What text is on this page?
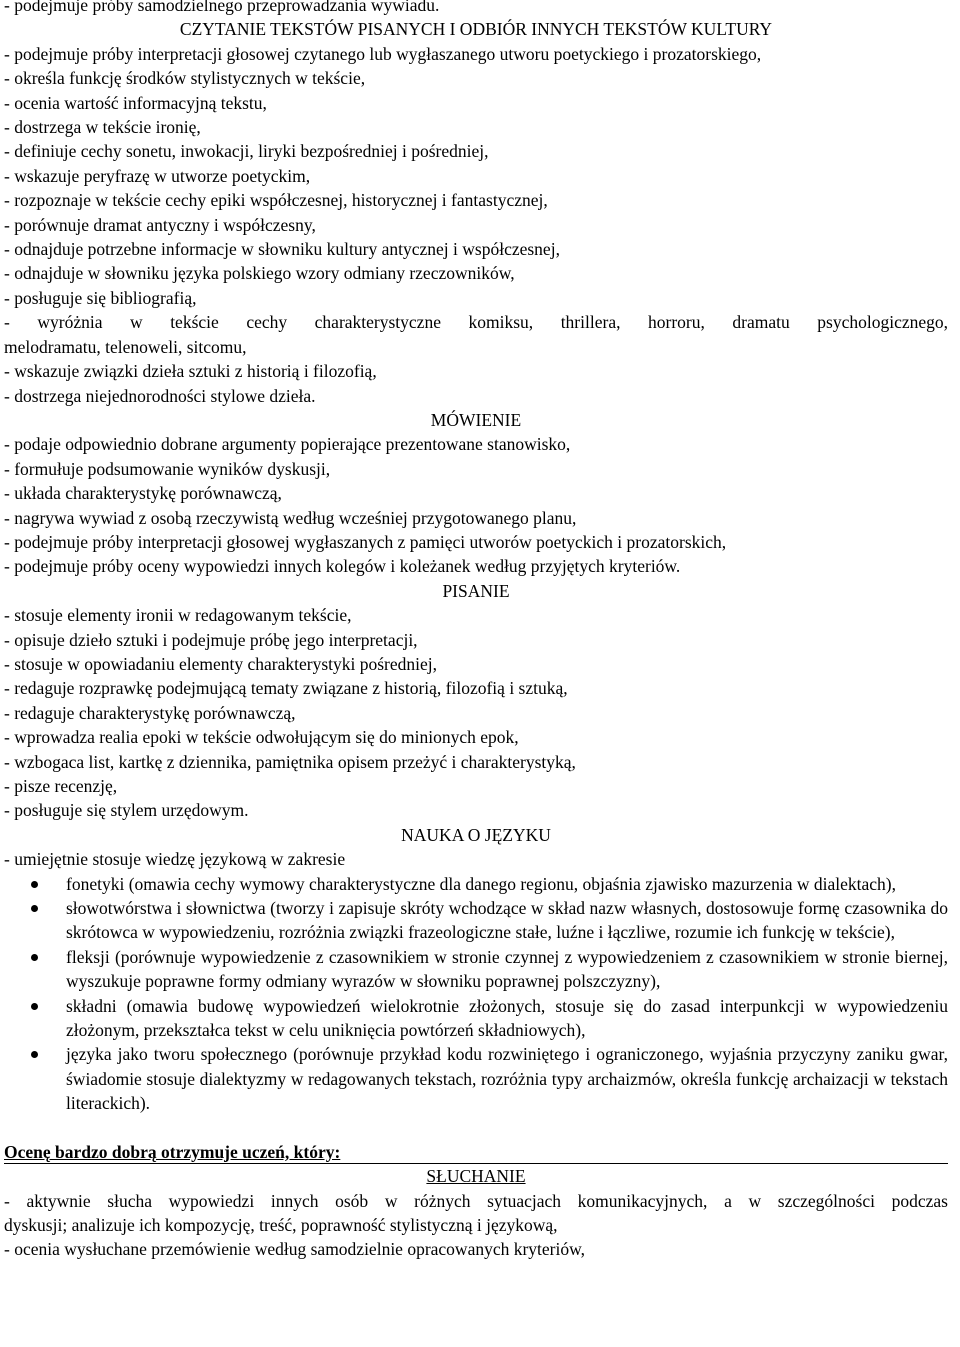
- podejmuje próby samodzielnego przeprowadzania wywiadu.
CZYTANIE TEKSTÓW PISANYCH I ODBIÓR INNYCH TEKSTÓW KULTURY
- podejmuje próby interpretacji głosowej czytanego lub wygłaszanego utworu poetyckiego i prozatorskiego,
- określa funkcję środków stylistycznych w tekście,
- ocenia wartość informacyjną tekstu,
- dostrzega w tekście ironię,
- definiuje cechy sonetu, inwokacji, liryki bezpośredniej i pośredniej,
- wskazuje peryfrazę w utworze poetyckim,
- rozpoznaje w tekście cechy epiki współczesnej, historycznej i fantastycznej,
- porównuje dramat antyczny i współczesny,
- odnajduje potrzebne informacje w słowniku kultury antycznej i współczesnej,
- odnajduje w słowniku języka polskiego wzory odmiany rzeczowników,
- posługuje się bibliografią,
- wyróżnia w tekście cechy charakterystyczne komiksu, thrillera, horroru, dramatu psychologicznego,
melodramatu, telenoweli, sitcomu,
- wskazuje związki dzieła sztuki z historią i filozofią,
- dostrzega niejednorodności stylowe dzieła.
MÓWIENIE
- podaje odpowiednio dobrane argumenty popierające prezentowane stanowisko,
- formułuje podsumowanie wyników dyskusji,
- układa charakterystykę porównawczą,
- nagrywa wywiad z osobą rzeczywistą według wcześniej przygotowanego planu,
- podejmuje próby interpretacji głosowej wygłaszanych z pamięci utworów poetyckich i prozatorskich,
- podejmuje próby oceny wypowiedzi innych kolegów i koleżanek według przyjętych kryteriów.
PISANIE
- stosuje elementy ironii w redagowanym tekście,
- opisuje dzieło sztuki i podejmuje próbę jego interpretacji,
- stosuje w opowiadaniu elementy charakterystyki pośredniej,
- redaguje rozprawkę podejmującą tematy związane z historią, filozofią i sztuką,
- redaguje charakterystykę porównawczą,
- wprowadza realia epoki w tekście odwołującym się do minionych epok,
- wzbogaca list, kartkę z dziennika, pamiętnika opisem przeżyć i charakterystyką,
- pisze recenzję,
- posługuje się stylem urzędowym.
NAUKA O JĘZYKU
- umiejętnie stosuje wiedzę językową w zakresie
fonetyki (omawia cechy wymowy charakterystyczne dla danego regionu, objaśnia zjawisko mazurzenia w dialektach),
słowotwórstwa i słownictwa (tworzy i zapisuje skróty wchodzące w skład nazw własnych, dostosowuje formę czasownika do skrótowca w wypowiedzeniu, rozróżnia związki frazeologiczne stałe, luźne i łączliwe, rozumie ich funkcję w tekście),
fleksji (porównuje wypowiedzenie z czasownikiem w stronie czynnej z wypowiedzeniem z czasownikiem w stronie biernej, wyszukuje poprawne formy odmiany wyrazów w słowniku poprawnej polszczyzny),
składni (omawia budowę wypowiedzeń wielokrotnie złożonych, stosuje się do zasad interpunkcji w wypowiedzeniu złożonym, przekształca tekst w celu uniknięcia powtórzeń składniowych),
języka jako tworu społecznego (porównuje przykład kodu rozwiniętego i ograniczonego, wyjaśnia przyczyny zaniku gwar, świadomie stosuje dialektyzmy w redagowanych tekstach, rozróżnia typy archaizmów, określa funkcję archaizacji w tekstach literackich).
Ocenę bardzo dobrą otrzymuje uczeń, który:
SŁUCHANIE
- aktywnie słucha wypowiedzi innych osób w różnych sytuacjach komunikacyjnych, a w szczególności podczas
dyskusji; analizuje ich kompozycję, treść, poprawność stylistyczną i językową,
- ocenia wysłuchane przemówienie według samodzielnie opracowanych kryteriów,
